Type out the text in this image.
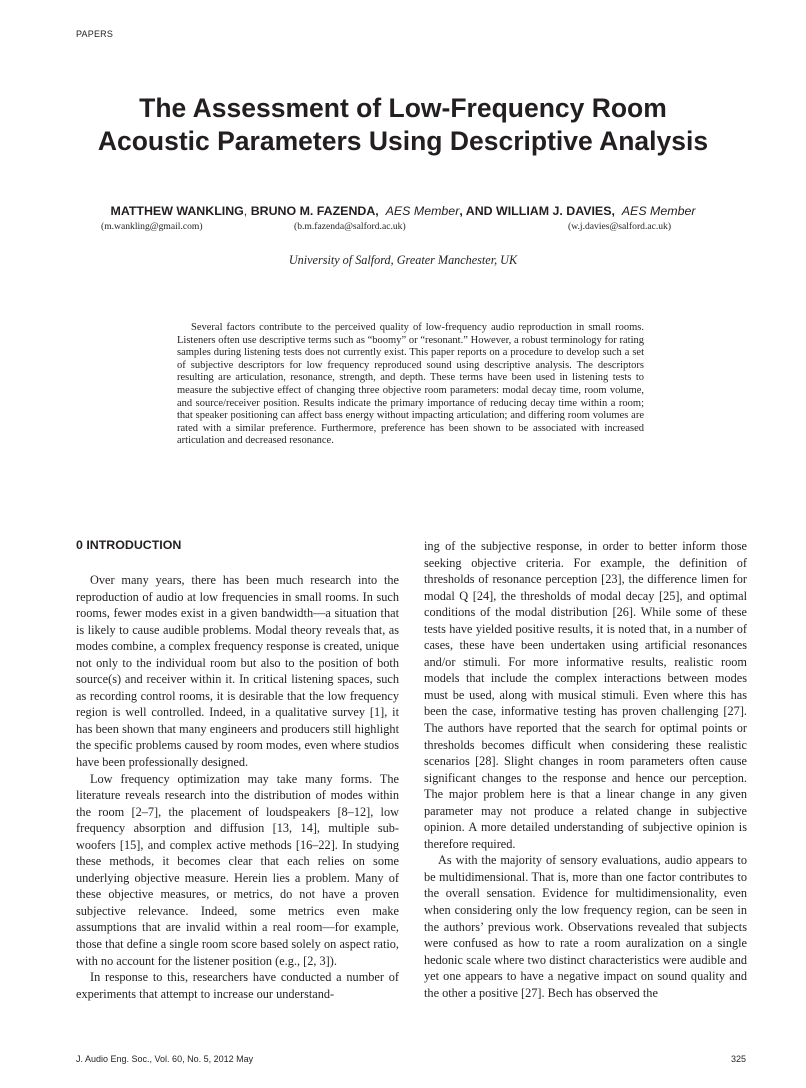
PAPERS
The Assessment of Low-Frequency Room
Acoustic Parameters Using Descriptive Analysis
MATTHEW WANKLING, BRUNO M. FAZENDA, AES Member, AND WILLIAM J. DAVIES, AES Member
(m.wankling@gmail.com)	(b.m.fazenda@salford.ac.uk)	(w.j.davies@salford.ac.uk)
University of Salford, Greater Manchester, UK

Several factors contribute to the perceived quality of low-frequency audio reproduction in small rooms. Listeners often use descriptive terms such as “boomy” or “resonant.” However, a robust terminology for rating samples during listening tests does not currently exist. This paper reports on a procedure to develop such a set of subjective descriptors for low frequency reproduced sound using descriptive analysis. The descriptors resulting are articulation, resonance, strength, and depth. These terms have been used in listening tests to measure the subjective effect of changing three objective room parameters: modal decay time, room volume, and source/receiver position. Results indicate the primary importance of reducing decay time within a room; that speaker positioning can affect bass energy without impacting articulation; and differing room volumes are rated with a similar preference. Furthermore, preference has been shown to be associated with increased articulation and decreased resonance.

0 INTRODUCTION

Over many years, there has been much research into the reproduction of audio at low frequencies in small rooms. In such rooms, fewer modes exist in a given bandwidth—a situation that is likely to cause audible problems. Modal theory reveals that, as modes combine, a complex frequency response is created, unique not only to the individual room but also to the position of both source(s) and receiver within it. In critical listening spaces, such as recording control rooms, it is desirable that the low frequency region is well controlled. Indeed, in a qualitative survey [1], it has been shown that many engineers and producers still highlight the specific problems caused by room modes, even where studios have been professionally designed.

Low frequency optimization may take many forms. The literature reveals research into the distribution of modes within the room [2–7], the placement of loudspeakers [8–12], low frequency absorption and diffusion [13, 14], multiple sub-woofers [15], and complex active methods [16–22]. In studying these methods, it becomes clear that each relies on some underlying objective measure. Herein lies a problem. Many of these objective measures, or metrics, do not have a proven subjective relevance. Indeed, some metrics even make assumptions that are invalid within a real room—for example, those that define a single room score based solely on aspect ratio, with no account for the listener position (e.g., [2, 3]).

In response to this, researchers have conducted a number of experiments that attempt to increase our understand-

ing of the subjective response, in order to better inform those seeking objective criteria. For example, the definition of thresholds of resonance perception [23], the difference limen for modal Q [24], the thresholds of modal decay [25], and optimal conditions of the modal distribution [26]. While some of these tests have yielded positive results, it is noted that, in a number of cases, these have been undertaken using artificial resonances and/or stimuli. For more informative results, realistic room models that include the complex interactions between modes must be used, along with musical stimuli. Even where this has been the case, informative testing has proven challenging [27]. The authors have reported that the search for optimal points or thresholds becomes difficult when considering these realistic scenarios [28]. Slight changes in room parameters often cause significant changes to the response and hence our perception. The major problem here is that a linear change in any given parameter may not produce a related change in subjective opinion. A more detailed understanding of subjective opinion is therefore required.

As with the majority of sensory evaluations, audio appears to be multidimensional. That is, more than one factor contributes to the overall sensation. Evidence for multidimensionality, even when considering only the low frequency region, can be seen in the authors’ previous work. Observations revealed that subjects were confused as how to rate a room auralization on a single hedonic scale where two distinct characteristics were audible and yet one appears to have a negative impact on sound quality and the other a positive [27]. Bech has observed the

J. Audio Eng. Soc., Vol. 60, No. 5, 2012 May	325
